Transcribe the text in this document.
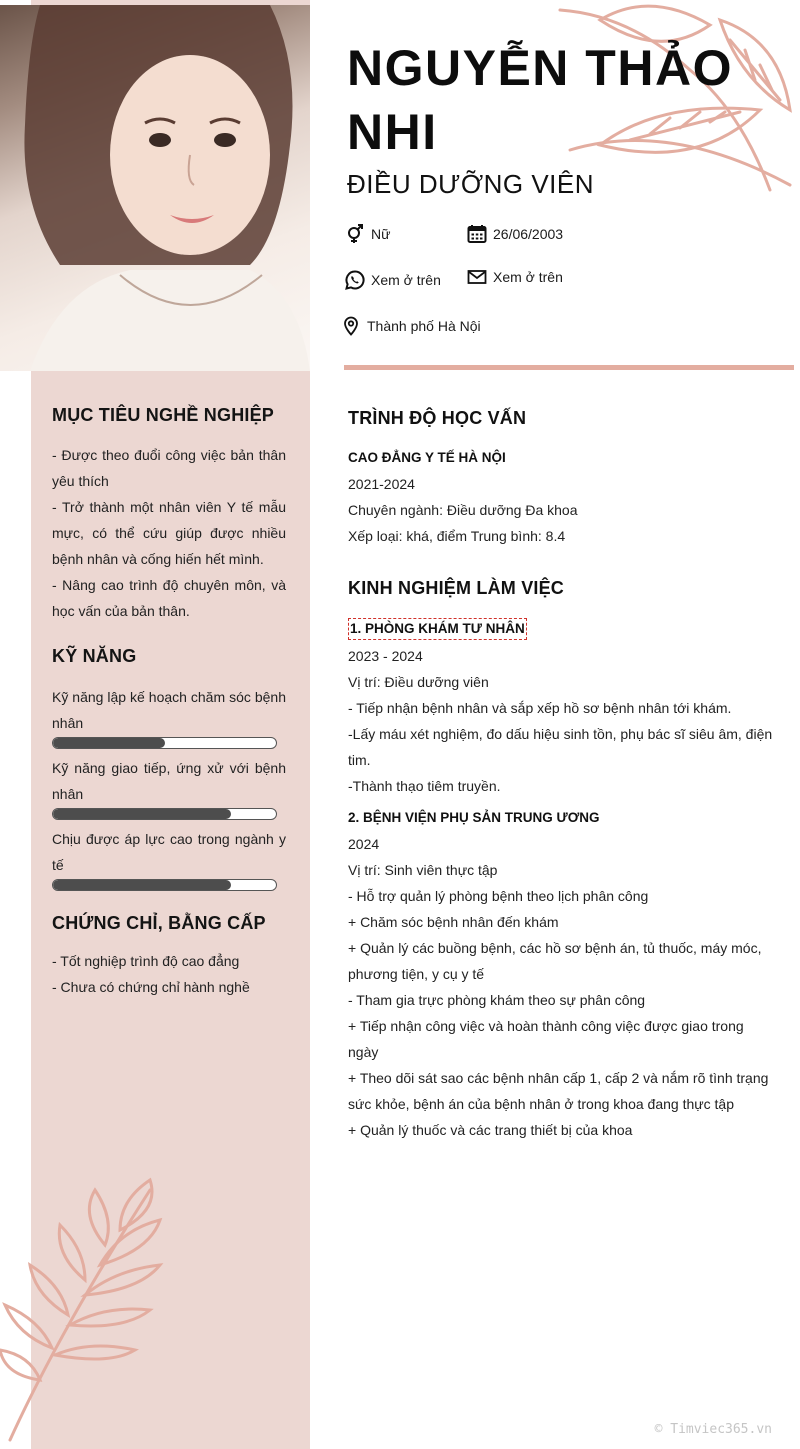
NGUYỄN THẢO NHI
ĐIỀU DƯỠNG VIÊN
Nữ	26/06/2003
Xem ở trên	Xem ở trên
Thành phố Hà Nội
MỤC TIÊU NGHỀ NGHIỆP

- Được theo đuổi công việc bản thân yêu thích

- Trở thành một nhân viên Y tế mẫu mực, có thể cứu giúp được nhiều bệnh nhân và cống hiến hết mình.

- Nâng cao trình độ chuyên môn, và học vấn của bản thân.

KỸ NĂNG
Kỹ năng lập kế hoạch chăm sóc bệnh nhân
Kỹ năng giao tiếp, ứng xử với bệnh nhân
Chịu được áp lực cao trong ngành y tế
CHỨNG CHỈ, BẰNG CẤP

- Tốt nghiệp trình độ cao đẳng

- Chưa có chứng chỉ hành nghề

TRÌNH ĐỘ HỌC VẤN

CAO ĐẲNG Y TẾ HÀ NỘI

2021-2024

Chuyên ngành: Điều dưỡng Đa khoa

Xếp loại: khá, điểm Trung bình: 8.4

KINH NGHIỆM LÀM VIỆC

1. PHÒNG KHÁM TƯ NHÂN

2023 - 2024

Vị trí: Điều dưỡng viên

- Tiếp nhận bệnh nhân và sắp xếp hồ sơ bệnh nhân tới khám.

-Lấy máu xét nghiệm, đo dấu hiệu sinh tồn, phụ bác sĩ siêu âm, điện tim.

-Thành thạo tiêm truyền.

2. BỆNH VIỆN PHỤ SẢN TRUNG ƯƠNG

2024

Vị trí: Sinh viên thực tập

- Hỗ trợ quản lý phòng bệnh theo lịch phân công

+ Chăm sóc bệnh nhân đến khám

+ Quản lý các buồng bệnh, các hồ sơ bệnh án, tủ thuốc, máy móc, phương tiện, y cụ y tế

- Tham gia trực phòng khám theo sự phân công

+ Tiếp nhận công việc và hoàn thành công việc được giao trong ngày

+ Theo dõi sát sao các bệnh nhân cấp 1, cấp 2 và nắm rõ tình trạng sức khỏe, bệnh án của bệnh nhân ở trong khoa đang thực tập

+ Quản lý thuốc và các trang thiết bị của khoa

© Timviec365.vn
